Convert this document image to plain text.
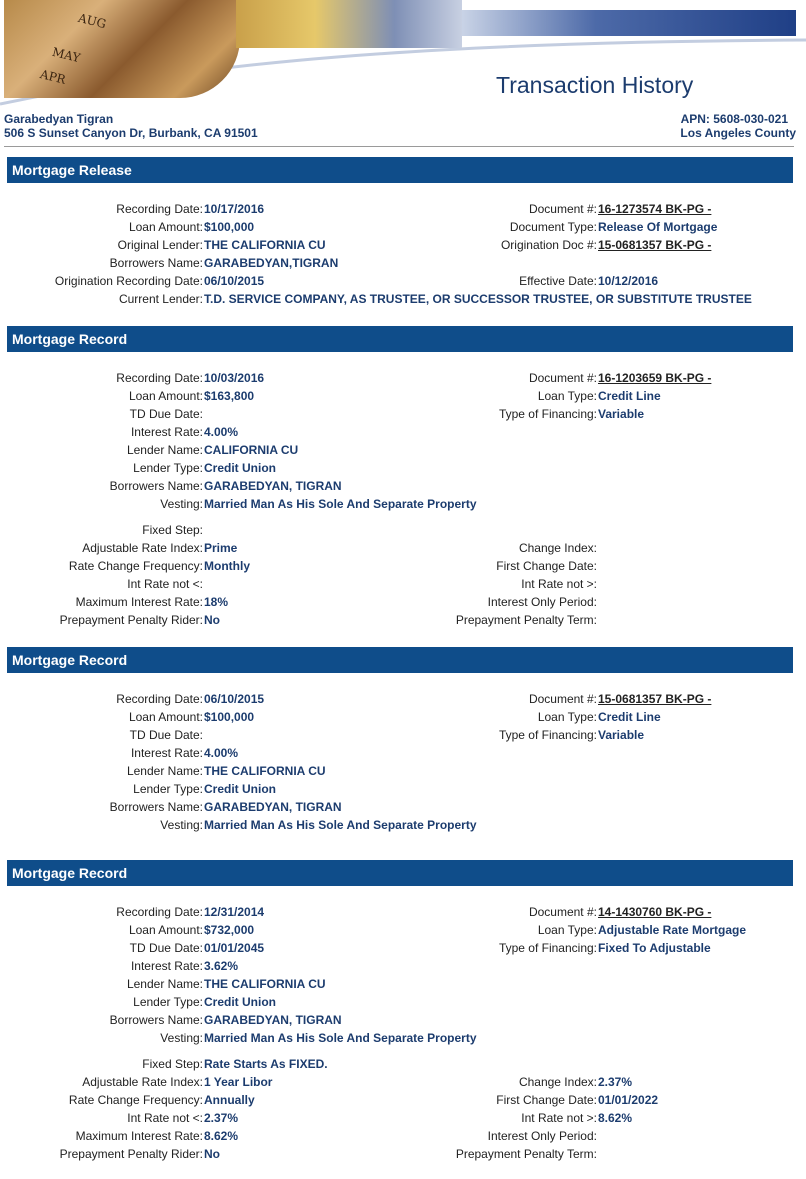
AUG
MAY
APR	Transaction History
Garabedyan Tigran
506 S Sunset Canyon Dr, Burbank, CA 91501
APN: 5608-030-021
Los Angeles County
Mortgage Release
Recording Date: 10/17/2016
Loan Amount: $100,000
Original Lender: THE CALIFORNIA CU
Borrowers Name: GARABEDYAN,TIGRAN
Origination Recording Date: 06/10/2015
Current Lender: T.D. SERVICE COMPANY, AS TRUSTEE, OR SUCCESSOR TRUSTEE, OR SUBSTITUTE TRUSTEE
Document #: 16-1273574 BK-PG -
Document Type: Release Of Mortgage
Origination Doc #: 15-0681357 BK-PG -
Effective Date: 10/12/2016
Mortgage Record
Recording Date: 10/03/2016
Loan Amount: $163,800
TD Due Date:
Interest Rate: 4.00%
Lender Name: CALIFORNIA CU
Lender Type: Credit Union
Borrowers Name: GARABEDYAN, TIGRAN
Vesting: Married Man As His Sole And Separate Property
Document #: 16-1203659 BK-PG -
Loan Type: Credit Line
Type of Financing: Variable
Fixed Step:
Adjustable Rate Index: Prime
Rate Change Frequency: Monthly
Int Rate not <:
Maximum Interest Rate: 18%
Prepayment Penalty Rider: No
Change Index:
First Change Date:
Int Rate not >:
Interest Only Period:
Prepayment Penalty Term:
Mortgage Record
Recording Date: 06/10/2015
Loan Amount: $100,000
TD Due Date:
Interest Rate: 4.00%
Lender Name: THE CALIFORNIA CU
Lender Type: Credit Union
Borrowers Name: GARABEDYAN, TIGRAN
Vesting: Married Man As His Sole And Separate Property
Document #: 15-0681357 BK-PG -
Loan Type: Credit Line
Type of Financing: Variable
Mortgage Record
Recording Date: 12/31/2014
Loan Amount: $732,000
TD Due Date: 01/01/2045
Interest Rate: 3.62%
Lender Name: THE CALIFORNIA CU
Lender Type: Credit Union
Borrowers Name: GARABEDYAN, TIGRAN
Vesting: Married Man As His Sole And Separate Property
Document #: 14-1430760 BK-PG -
Loan Type: Adjustable Rate Mortgage
Type of Financing: Fixed To Adjustable
Fixed Step: Rate Starts As FIXED.
Adjustable Rate Index: 1 Year Libor
Rate Change Frequency: Annually
Int Rate not <: 2.37%
Maximum Interest Rate: 8.62%
Prepayment Penalty Rider: No
Change Index: 2.37%
First Change Date: 01/01/2022
Int Rate not >: 8.62%
Interest Only Period:
Prepayment Penalty Term:
